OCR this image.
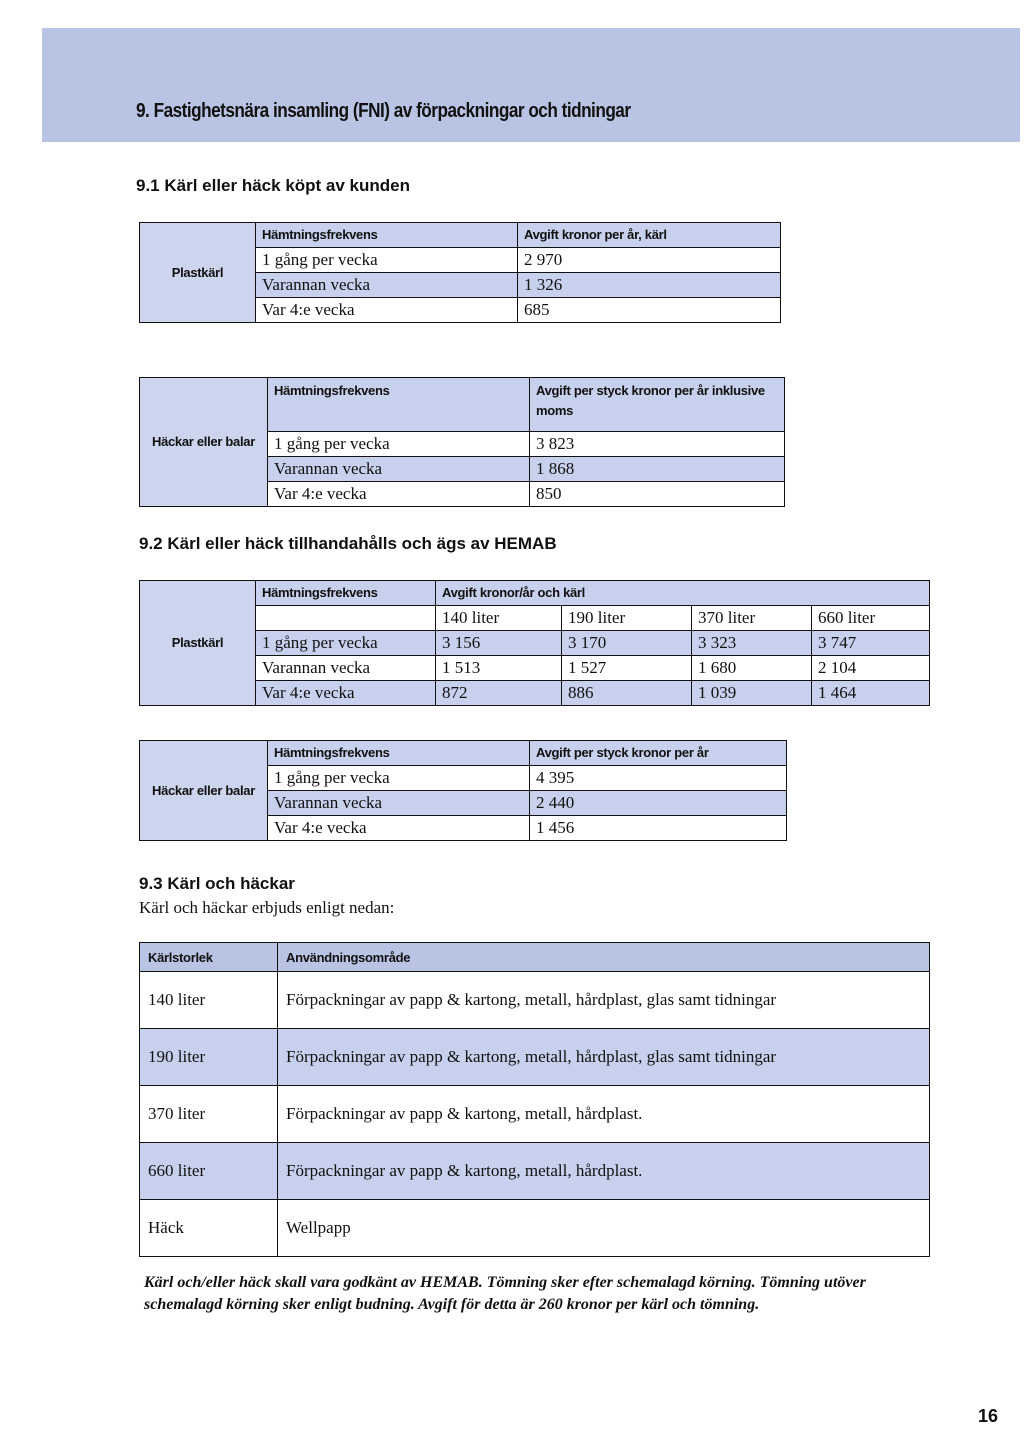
9. Fastighetsnära insamling (FNI) av förpackningar och tidningar
9.1 Kärl eller häck köpt av kunden
Plastkärl	Hämtningsfrekvens	Avgift kronor per år, kärl
	1 gång per vecka	2 970
	Varannan vecka	1 326
	Var 4:e vecka	685
Häckar eller balar	Hämtningsfrekvens	Avgift per styck kronor per år inklusive moms
	1 gång per vecka	3 823
	Varannan vecka	1 868
	Var 4:e vecka	850
9.2 Kärl eller häck tillhandahålls och ägs av HEMAB
Plastkärl	Hämtningsfrekvens	Avgift kronor/år och kärl			
		140 liter	190 liter	370 liter	660 liter
	1 gång per vecka	3 156	3 170	3 323	3 747
	Varannan vecka	1 513	1 527	1 680	2 104
	Var 4:e vecka	872	886	1 039	1 464
Häckar eller balar	Hämtningsfrekvens	Avgift per styck kronor per år
	1 gång per vecka	4 395
	Varannan vecka	2 440
	Var 4:e vecka	1 456
9.3 Kärl och häckar
Kärl och häckar erbjuds enligt nedan:
Kärlstorlek	Användningsområde
140 liter	Förpackningar av papp & kartong, metall, hårdplast, glas samt tidningar
190 liter	Förpackningar av papp & kartong, metall, hårdplast, glas samt tidningar
370 liter	Förpackningar av papp & kartong, metall, hårdplast.
660 liter	Förpackningar av papp & kartong, metall, hårdplast.
Häck	Wellpapp
Kärl och/eller häck skall vara godkänt av HEMAB. Tömning sker efter schemalagd körning. Tömning utöver schemalagd körning sker enligt budning. Avgift för detta är 260 kronor per kärl och tömning.
16
